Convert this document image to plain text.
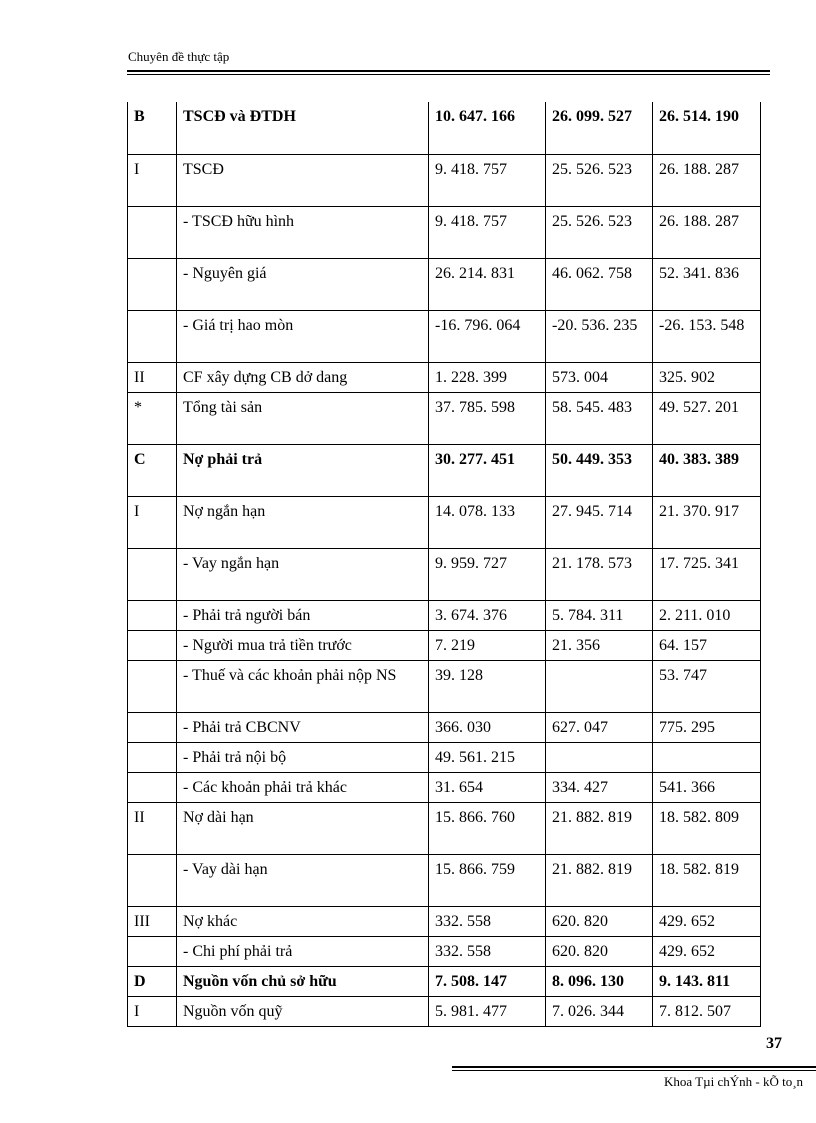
Chuyên đề thực tập
B	TSCĐ và ĐTDH	10. 647. 166	26. 099. 527	26. 514. 190
I	TSCĐ	9. 418. 757	25. 526. 523	26. 188. 287
	- TSCĐ hữu hình	9. 418. 757	25. 526. 523	26. 188. 287
	- Nguyên giá	26. 214. 831	46. 062. 758	52. 341. 836
	- Giá trị hao mòn	-16. 796. 064	-20. 536. 235	-26. 153. 548
II	CF xây dựng CB dở dang	1. 228. 399	573. 004	325. 902
*	Tổng tài sản	37. 785. 598	58. 545. 483	49. 527. 201
C	Nợ phải trả	30. 277. 451	50. 449. 353	40. 383. 389
I	Nợ ngắn hạn	14. 078. 133	27. 945. 714	21. 370. 917
	- Vay ngắn hạn	9. 959. 727	21. 178. 573	17. 725. 341
	- Phải trả người bán	3. 674. 376	5. 784. 311	2. 211. 010
	- Người mua trả tiền trước	7. 219	21. 356	64. 157
	- Thuế và các khoản phải nộp NS	39. 128		53. 747
	- Phải trả CBCNV	366. 030	627. 047	775. 295
	- Phải trả nội bộ	49. 561. 215		
	- Các khoản phải trả khác	31. 654	334. 427	541. 366
II	Nợ dài hạn	15. 866. 760	21. 882. 819	18. 582. 809
	- Vay dài hạn	15. 866. 759	21. 882. 819	18. 582. 819
III	Nợ khác	332. 558	620. 820	429. 652
	- Chi phí phải trả	332. 558	620. 820	429. 652
D	Nguồn vốn chủ sở hữu	7. 508. 147	8. 096. 130	9. 143. 811
I	Nguồn vốn quỹ	5. 981. 477	7. 026. 344	7. 812. 507
37
Khoa Tµi chÝnh - kÕ to¸n
